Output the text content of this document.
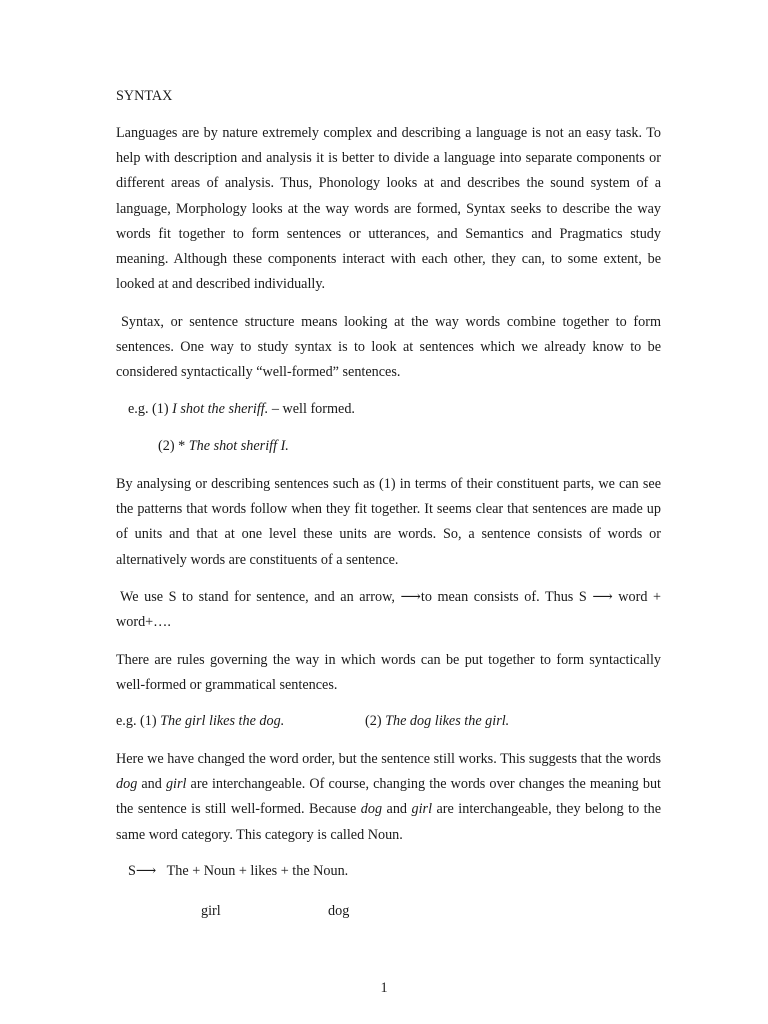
SYNTAX

Languages are by nature extremely complex and describing a language is not an easy task. To help with description and analysis it is better to divide a language into separate components or different areas of analysis. Thus, Phonology looks at and describes the sound system of a language, Morphology looks at the way words are formed, Syntax seeks to describe the way words fit together to form sentences or utterances, and Semantics and Pragmatics study meaning. Although these components interact with each other, they can, to some extent, be looked at and described individually.

Syntax, or sentence structure means looking at the way words combine together to form sentences. One way to study syntax is to look at sentences which we already know to be considered syntactically “well-formed” sentences.

e.g. (1) I shot the sheriff. – well formed.

(2) * The shot sheriff I.

By analysing or describing sentences such as (1) in terms of their constituent parts, we can see the patterns that words follow when they fit together. It seems clear that sentences are made up of units and that at one level these units are words. So, a sentence consists of words or alternatively words are constituents of a sentence.

We use S to stand for sentence, and an arrow, ⟶to mean consists of. Thus S ⟶ word + word+….

There are rules governing the way in which words can be put together to form syntactically well-formed or grammatical sentences.

e.g. (1) The girl likes the dog.	(2) The dog likes the girl.

Here we have changed the word order, but the sentence still works. This suggests that the words dog and girl are interchangeable. Of course, changing the words over changes the meaning but the sentence is still well-formed. Because dog and girl are interchangeable, they belong to the same word category. This category is called Noun.

S⟶   The + Noun + likes + the Noun.

girl	dog

1
